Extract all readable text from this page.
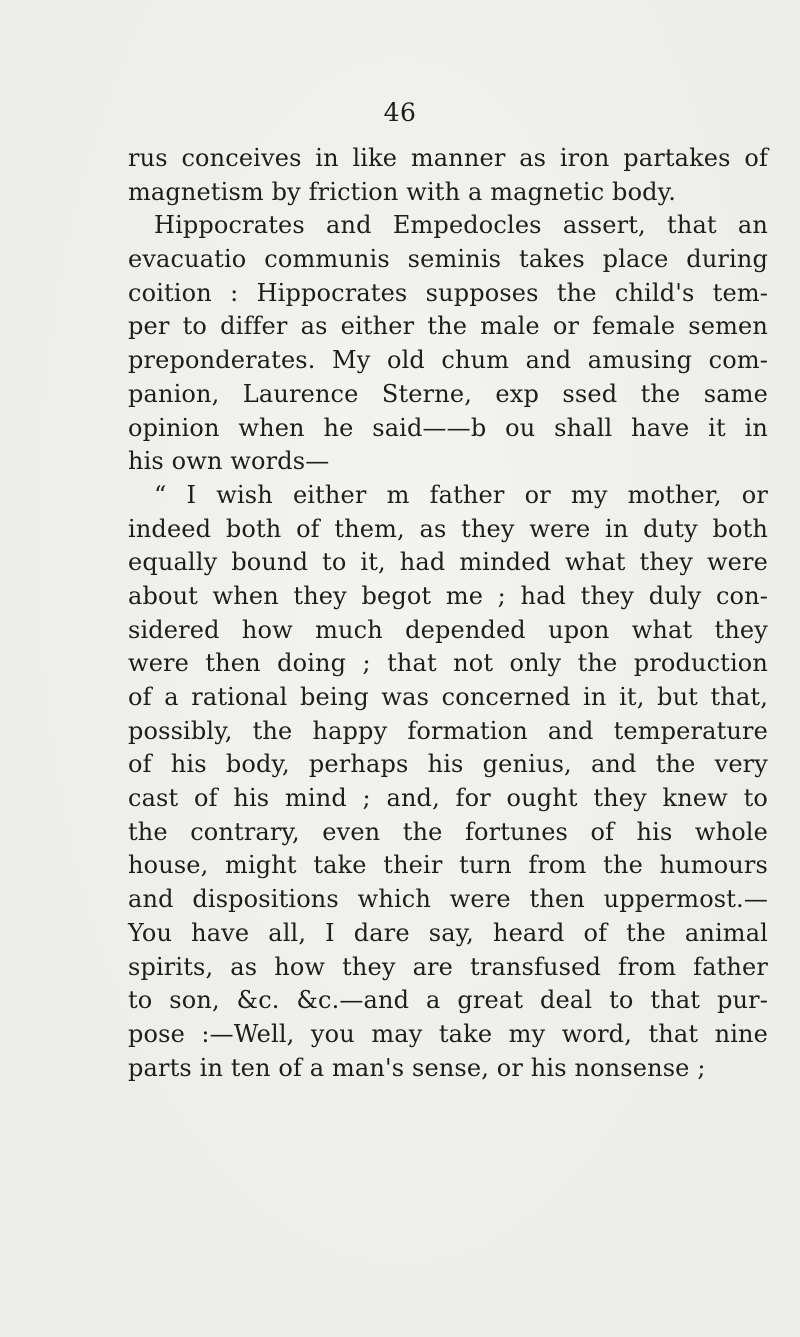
46
rus conceives in like manner as iron partakes of
magnetism by friction with a magnetic body.
Hippocrates and Empedocles assert, that an
evacuatio communis seminis takes place during
coition : Hippocrates supposes the child's tem-
per to differ as either the male or female semen
preponderates. My old chum and amusing com-
panion, Laurence Sterne, exp ssed the same
opinion when he said——b ou shall have it in
his own words—
“ I wish either m father or my mother, or
indeed both of them, as they were in duty both
equally bound to it, had minded what they were
about when they begot me ; had they duly con-
sidered how much depended upon what they
were then doing ; that not only the production
of a rational being was concerned in it, but that,
possibly, the happy formation and temperature
of his body, perhaps his genius, and the very
cast of his mind ; and, for ought they knew to
the contrary, even the fortunes of his whole
house, might take their turn from the humours
and dispositions which were then uppermost.—
You have all, I dare say, heard of the animal
spirits, as how they are transfused from father
to son, &c. &c.—and a great deal to that pur-
pose :—Well, you may take my word, that nine
parts in ten of a man's sense, or his nonsense ;
